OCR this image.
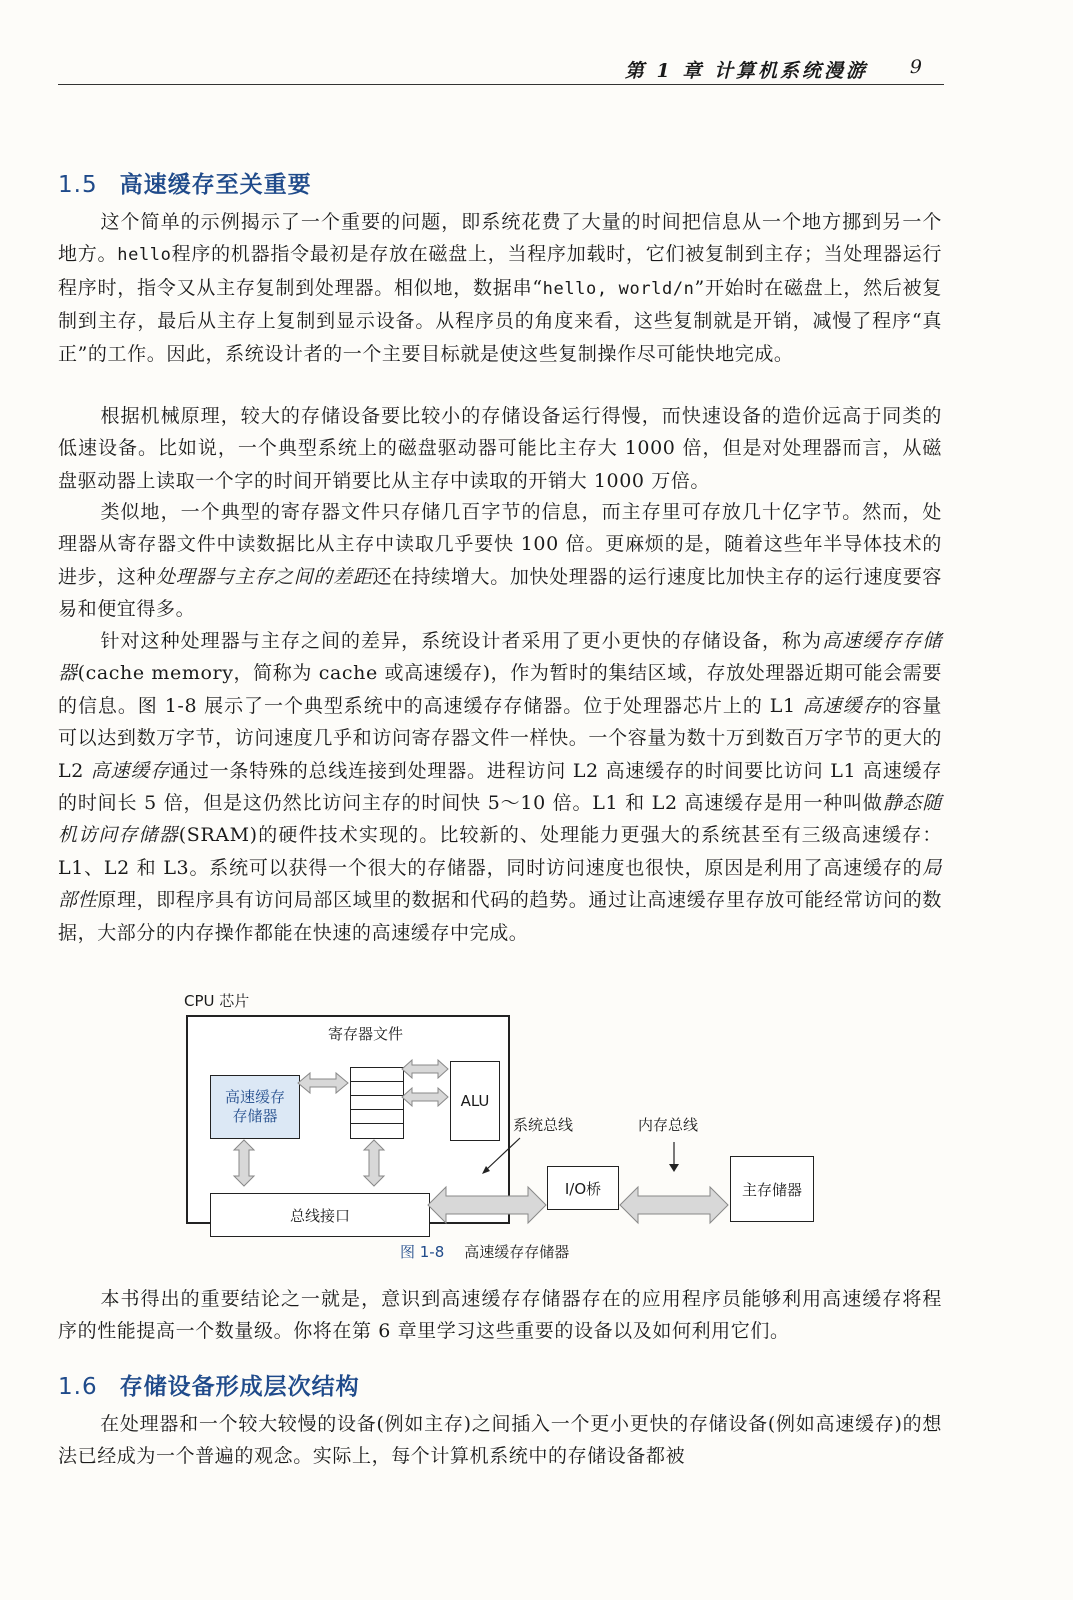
第 1 章 计算机系统漫游 9
1.5 高速缓存至关重要

这个简单的示例揭示了一个重要的问题，即系统花费了大量的时间把信息从一个地方挪到另一个地方。hello程序的机器指令最初是存放在磁盘上，当程序加载时，它们被复制到主存；当处理器运行程序时，指令又从主存复制到处理器。相似地，数据串“hello, world/n”开始时在磁盘上，然后被复制到主存，最后从主存上复制到显示设备。从程序员的角度来看，这些复制就是开销，减慢了程序“真正”的工作。因此，系统设计者的一个主要目标就是使这些复制操作尽可能快地完成。

根据机械原理，较大的存储设备要比较小的存储设备运行得慢，而快速设备的造价远高于同类的低速设备。比如说，一个典型系统上的磁盘驱动器可能比主存大 1000 倍，但是对处理器而言，从磁盘驱动器上读取一个字的时间开销要比从主存中读取的开销大 1000 万倍。

类似地，一个典型的寄存器文件只存储几百字节的信息，而主存里可存放几十亿字节。然而，处理器从寄存器文件中读数据比从主存中读取几乎要快 100 倍。更麻烦的是，随着这些年半导体技术的进步，这种处理器与主存之间的差距还在持续增大。加快处理器的运行速度比加快主存的运行速度要容易和便宜得多。

针对这种处理器与主存之间的差异，系统设计者采用了更小更快的存储设备，称为高速缓存存储器(cache memory，简称为 cache 或高速缓存)，作为暂时的集结区域，存放处理器近期可能会需要的信息。图 1-8 展示了一个典型系统中的高速缓存存储器。位于处理器芯片上的 L1 高速缓存的容量可以达到数万字节，访问速度几乎和访问寄存器文件一样快。一个容量为数十万到数百万字节的更大的 L2 高速缓存通过一条特殊的总线连接到处理器。进程访问 L2 高速缓存的时间要比访问 L1 高速缓存的时间长 5 倍，但是这仍然比访问主存的时间快 5～10 倍。L1 和 L2 高速缓存是用一种叫做静态随机访问存储器(SRAM)的硬件技术实现的。比较新的、处理能力更强大的系统甚至有三级高速缓存：L1、L2 和 L3。系统可以获得一个很大的存储器，同时访问速度也很快，原因是利用了高速缓存的局部性原理，即程序具有访问局部区域里的数据和代码的趋势。通过让高速缓存里存放可能经常访问的数据，大部分的内存操作都能在快速的高速缓存中完成。

CPU 芯片
寄存器文件
高速缓存
存储器
ALU
总线接口
系统总线	内存总线
I/O桥	主存储器
图 1-8 高速缓存存储器

本书得出的重要结论之一就是，意识到高速缓存存储器存在的应用程序员能够利用高速缓存将程序的性能提高一个数量级。你将在第 6 章里学习这些重要的设备以及如何利用它们。

1.6 存储设备形成层次结构

在处理器和一个较大较慢的设备(例如主存)之间插入一个更小更快的存储设备(例如高速缓存)的想法已经成为一个普遍的观念。实际上，每个计算机系统中的存储设备都被
